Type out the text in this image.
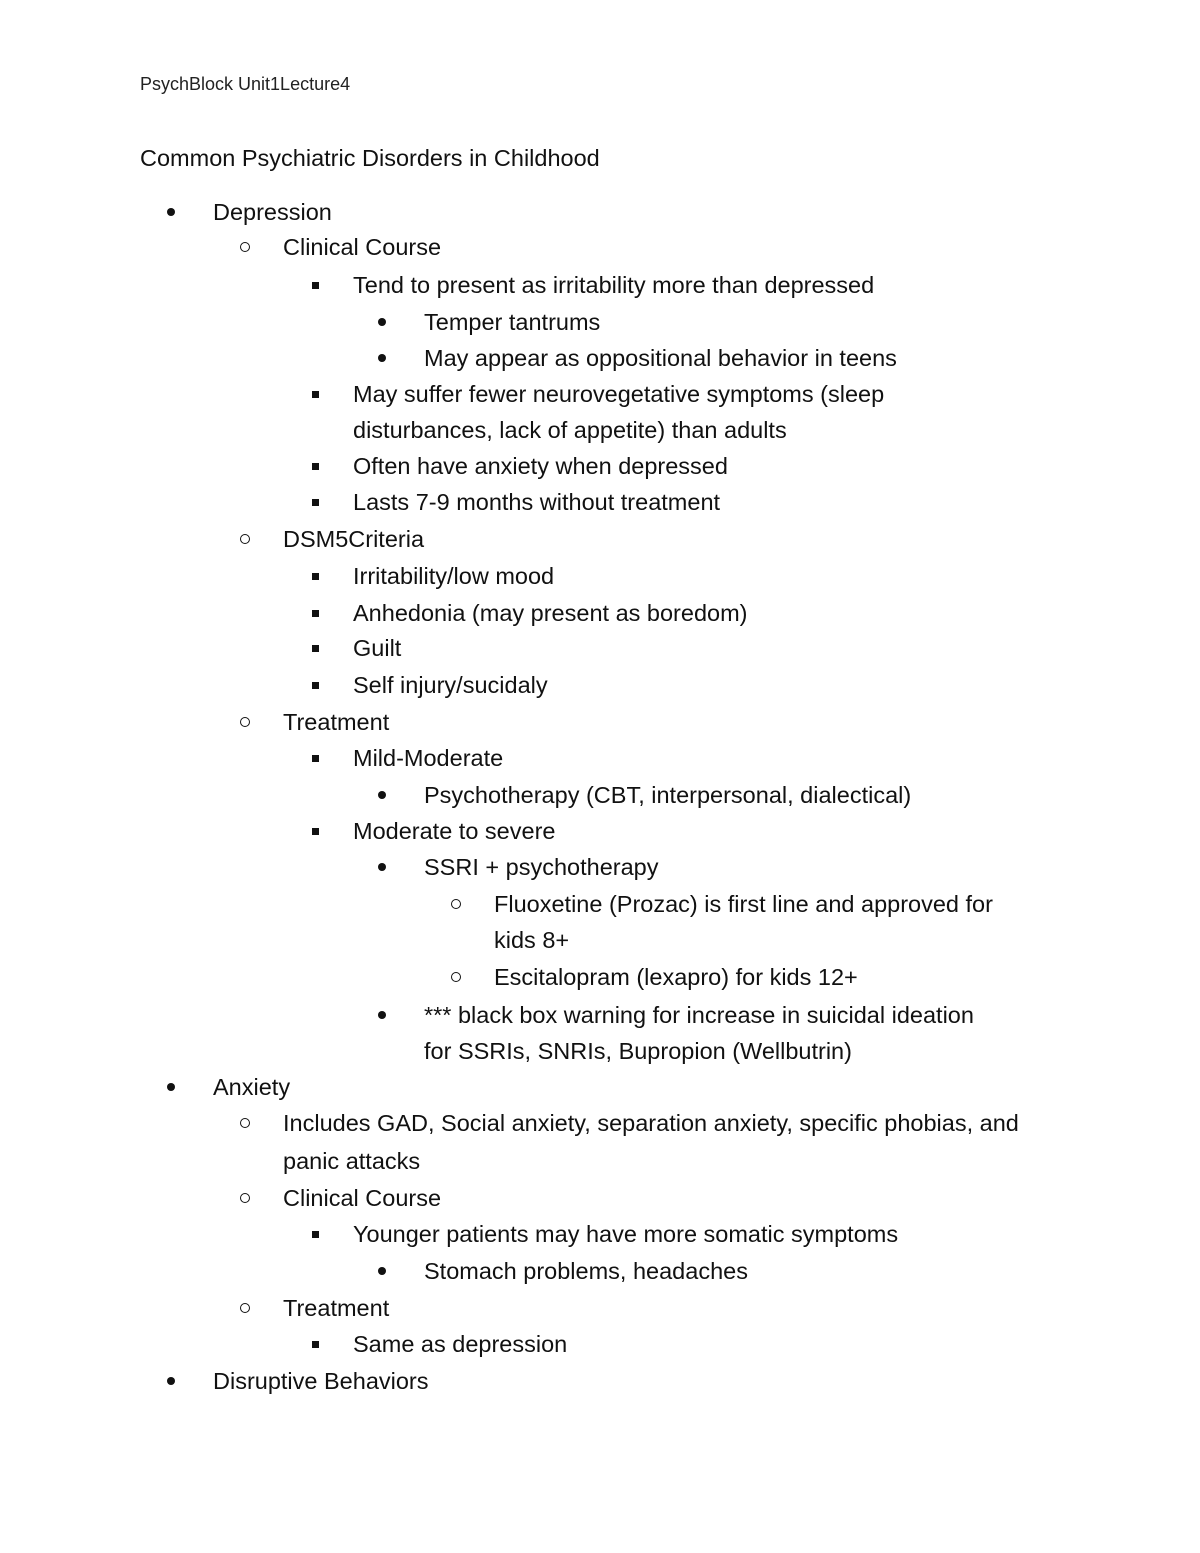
PsychBlock Unit1Lecture4
Common Psychiatric Disorders in Childhood
Depression
Clinical Course
Tend to present as irritability more than depressed
Temper tantrums
May appear as oppositional behavior in teens
May suffer fewer neurovegetative symptoms (sleep
disturbances, lack of appetite) than adults
Often have anxiety when depressed
Lasts 7-9 months without treatment
DSM5Criteria
Irritability/low mood
Anhedonia (may present as boredom)
Guilt
Self injury/sucidaly
Treatment
Mild-Moderate
Psychotherapy (CBT, interpersonal, dialectical)
Moderate to severe
SSRI + psychotherapy
Fluoxetine (Prozac) is first line and approved for
kids 8+
Escitalopram (lexapro) for kids 12+
*** black box warning for increase in suicidal ideation
for SSRIs, SNRIs, Bupropion (Wellbutrin)
Anxiety
Includes GAD, Social anxiety, separation anxiety, specific phobias, and
panic attacks
Clinical Course
Younger patients may have more somatic symptoms
Stomach problems, headaches
Treatment
Same as depression
Disruptive Behaviors
